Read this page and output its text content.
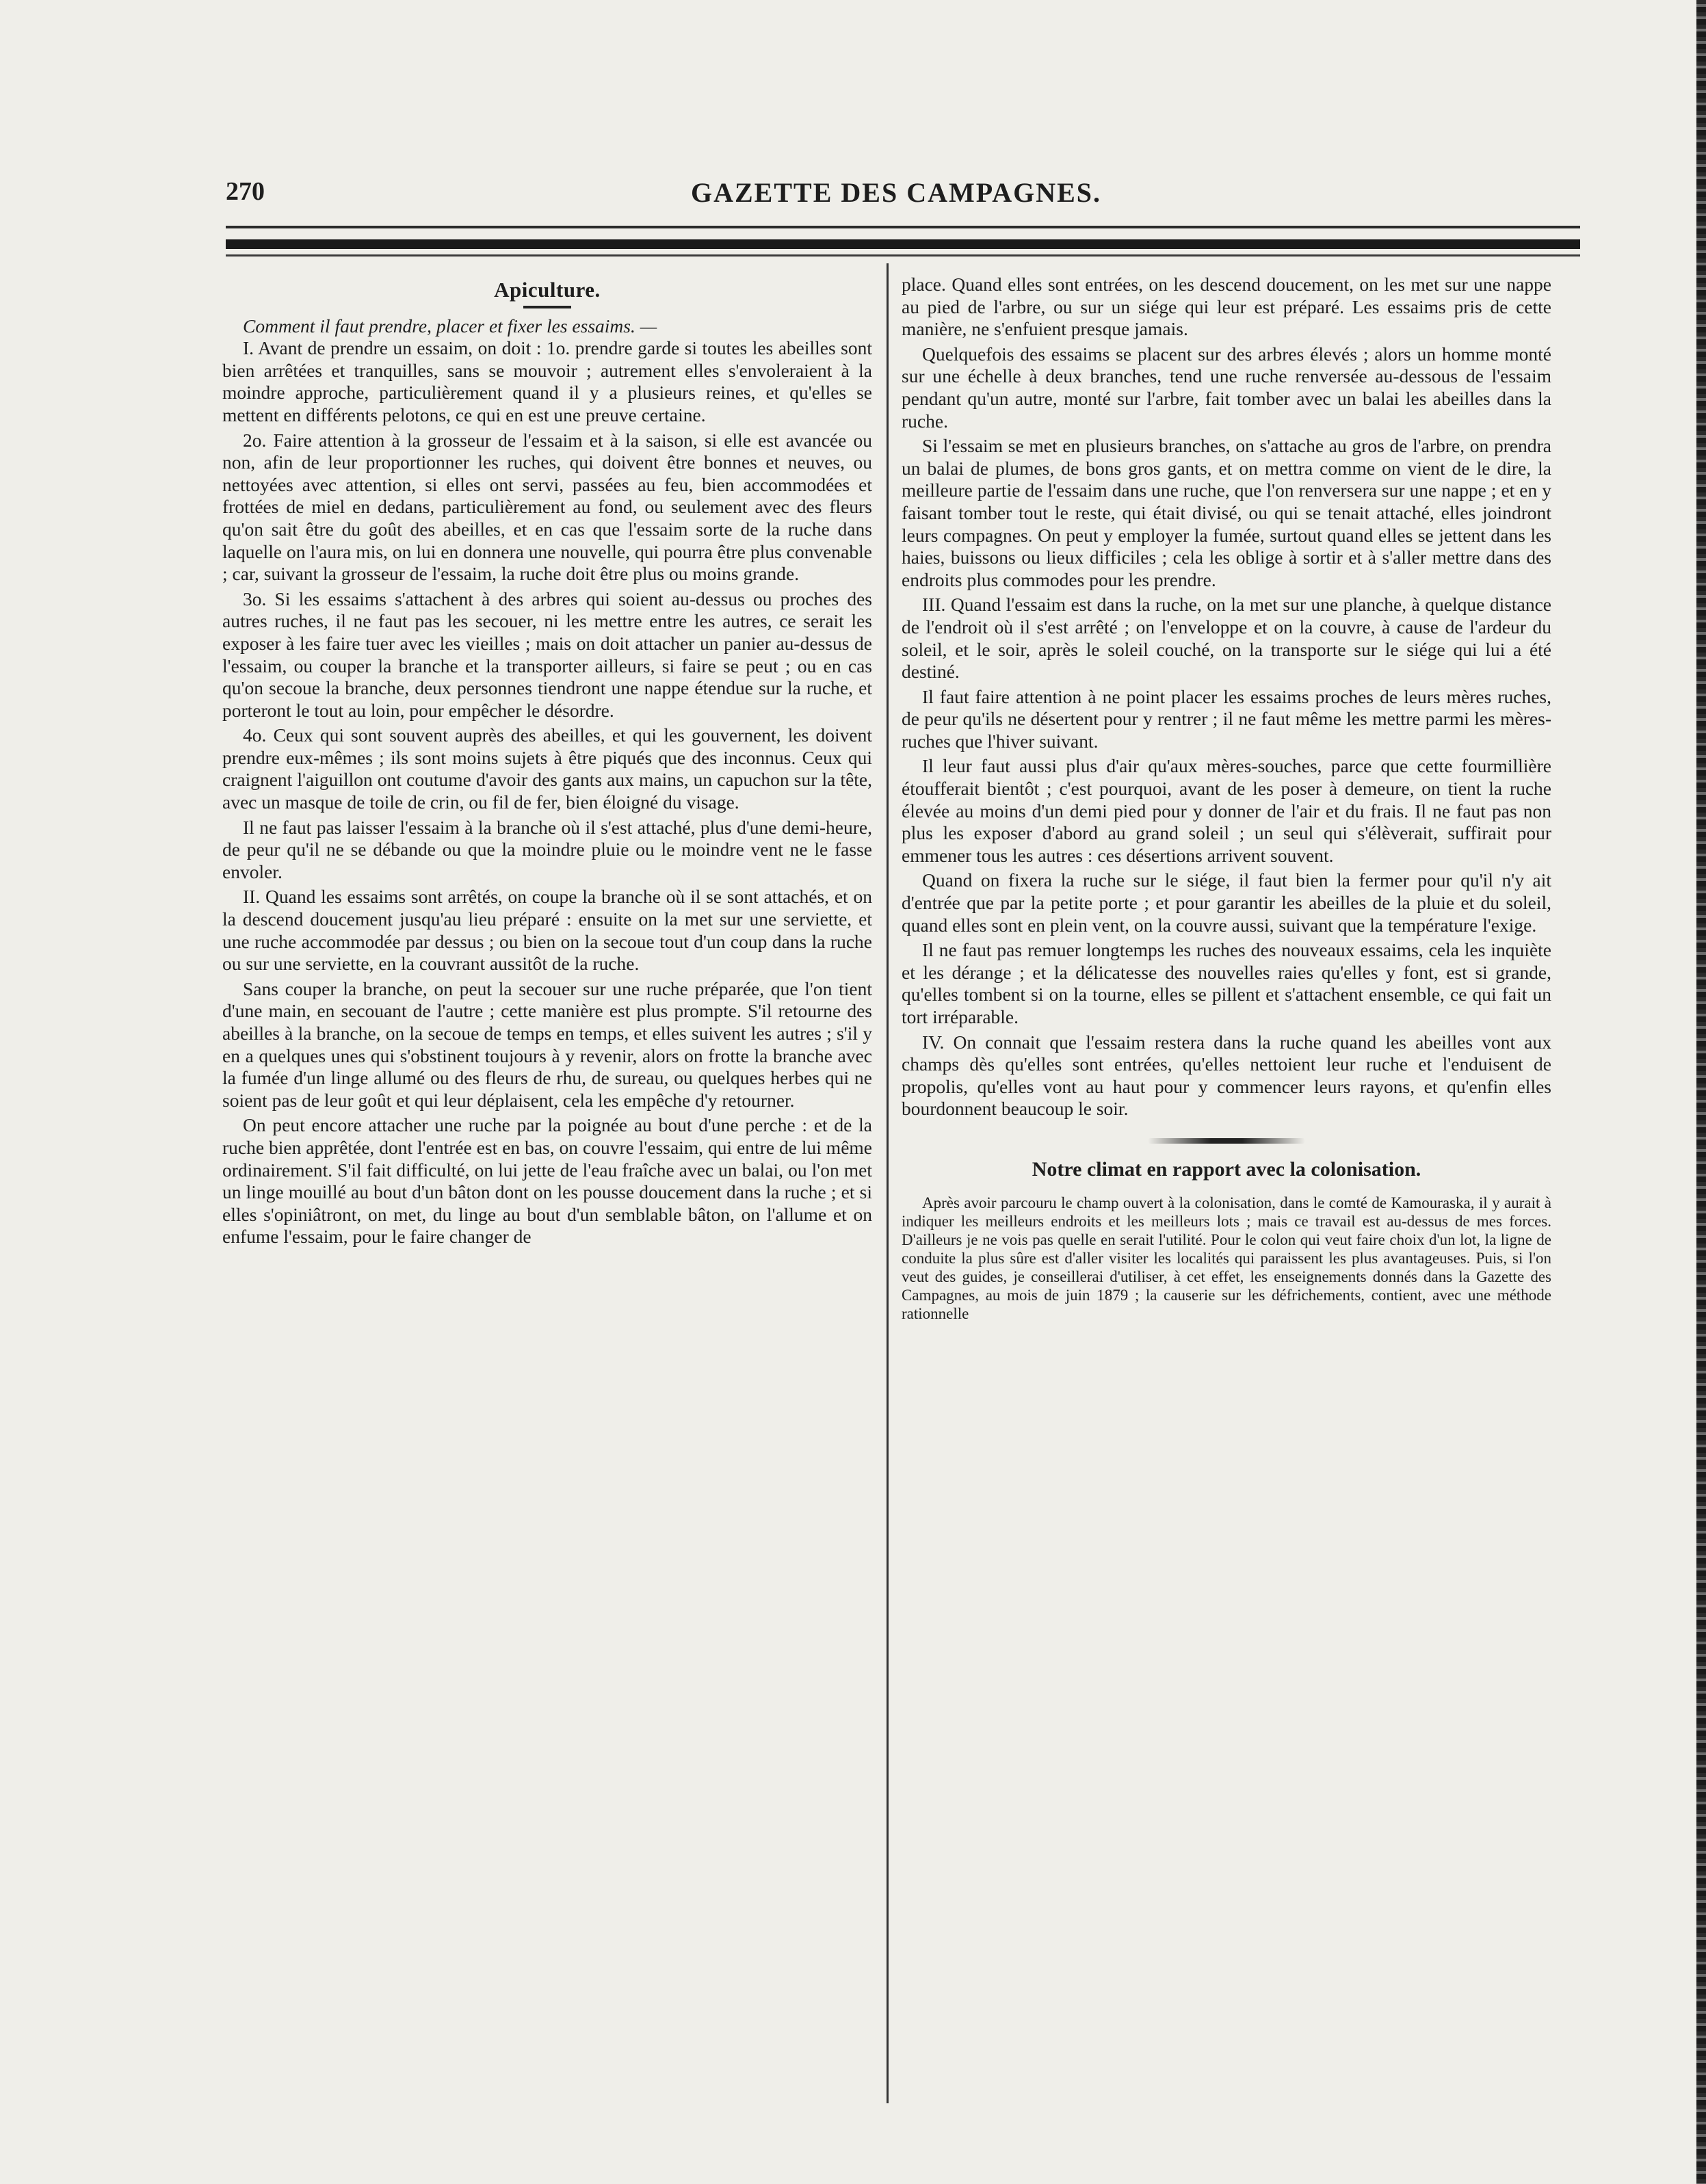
270	GAZETTE DES CAMPAGNES.
Apiculture.

Comment il faut prendre, placer et fixer les essaims. —

I. Avant de prendre un essaim, on doit : 1o. prendre garde si toutes les abeilles sont bien arrêtées et tranquilles, sans se mouvoir ; autrement elles s'envoleraient à la moindre approche, particulièrement quand il y a plusieurs reines, et qu'elles se mettent en différents pelotons, ce qui en est une preuve certaine.

2o. Faire attention à la grosseur de l'essaim et à la saison, si elle est avancée ou non, afin de leur proportionner les ruches, qui doivent être bonnes et neuves, ou nettoyées avec attention, si elles ont servi, passées au feu, bien accommodées et frottées de miel en dedans, particulièrement au fond, ou seulement avec des fleurs qu'on sait être du goût des abeilles, et en cas que l'essaim sorte de la ruche dans laquelle on l'aura mis, on lui en donnera une nouvelle, qui pourra être plus convenable ; car, suivant la grosseur de l'essaim, la ruche doit être plus ou moins grande.

3o. Si les essaims s'attachent à des arbres qui soient au-dessus ou proches des autres ruches, il ne faut pas les secouer, ni les mettre entre les autres, ce serait les exposer à les faire tuer avec les vieilles ; mais on doit attacher un panier au-dessus de l'essaim, ou couper la branche et la transporter ailleurs, si faire se peut ; ou en cas qu'on secoue la branche, deux personnes tiendront une nappe étendue sur la ruche, et porteront le tout au loin, pour empêcher le désordre.

4o. Ceux qui sont souvent auprès des abeilles, et qui les gouvernent, les doivent prendre eux-mêmes ; ils sont moins sujets à être piqués que des inconnus. Ceux qui craignent l'aiguillon ont coutume d'avoir des gants aux mains, un capuchon sur la tête, avec un masque de toile de crin, ou fil de fer, bien éloigné du visage.

Il ne faut pas laisser l'essaim à la branche où il s'est attaché, plus d'une demi-heure, de peur qu'il ne se débande ou que la moindre pluie ou le moindre vent ne le fasse envoler.

II. Quand les essaims sont arrêtés, on coupe la branche où il se sont attachés, et on la descend doucement jusqu'au lieu préparé : ensuite on la met sur une serviette, et une ruche accommodée par dessus ; ou bien on la secoue tout d'un coup dans la ruche ou sur une serviette, en la couvrant aussitôt de la ruche.

Sans couper la branche, on peut la secouer sur une ruche préparée, que l'on tient d'une main, en secouant de l'autre ; cette manière est plus prompte. S'il retourne des abeilles à la branche, on la secoue de temps en temps, et elles suivent les autres ; s'il y en a quelques unes qui s'obstinent toujours à y revenir, alors on frotte la branche avec la fumée d'un linge allumé ou des fleurs de rhu, de sureau, ou quelques herbes qui ne soient pas de leur goût et qui leur déplaisent, cela les empêche d'y retourner.

On peut encore attacher une ruche par la poignée au bout d'une perche : et de la ruche bien apprêtée, dont l'entrée est en bas, on couvre l'essaim, qui entre de lui même ordinairement. S'il fait difficulté, on lui jette de l'eau fraîche avec un balai, ou l'on met un linge mouillé au bout d'un bâton dont on les pousse doucement dans la ruche ; et si elles s'opiniâtront, on met, du linge au bout d'un semblable bâton, on l'allume et on enfume l'essaim, pour le faire changer de

place. Quand elles sont entrées, on les descend doucement, on les met sur une nappe au pied de l'arbre, ou sur un siége qui leur est préparé. Les essaims pris de cette manière, ne s'enfuient presque jamais.

Quelquefois des essaims se placent sur des arbres élevés ; alors un homme monté sur une échelle à deux branches, tend une ruche renversée au-dessous de l'essaim pendant qu'un autre, monté sur l'arbre, fait tomber avec un balai les abeilles dans la ruche.

Si l'essaim se met en plusieurs branches, on s'attache au gros de l'arbre, on prendra un balai de plumes, de bons gros gants, et on mettra comme on vient de le dire, la meilleure partie de l'essaim dans une ruche, que l'on renversera sur une nappe ; et en y faisant tomber tout le reste, qui était divisé, ou qui se tenait attaché, elles joindront leurs compagnes. On peut y employer la fumée, surtout quand elles se jettent dans les haies, buissons ou lieux difficiles ; cela les oblige à sortir et à s'aller mettre dans des endroits plus commodes pour les prendre.

III. Quand l'essaim est dans la ruche, on la met sur une planche, à quelque distance de l'endroit où il s'est arrêté ; on l'enveloppe et on la couvre, à cause de l'ardeur du soleil, et le soir, après le soleil couché, on la transporte sur le siége qui lui a été destiné.

Il faut faire attention à ne point placer les essaims proches de leurs mères ruches, de peur qu'ils ne désertent pour y rentrer ; il ne faut même les mettre parmi les mères-ruches que l'hiver suivant.

Il leur faut aussi plus d'air qu'aux mères-souches, parce que cette fourmillière étoufferait bientôt ; c'est pourquoi, avant de les poser à demeure, on tient la ruche élevée au moins d'un demi pied pour y donner de l'air et du frais. Il ne faut pas non plus les exposer d'abord au grand soleil ; un seul qui s'élèverait, suffirait pour emmener tous les autres : ces désertions arrivent souvent.

Quand on fixera la ruche sur le siége, il faut bien la fermer pour qu'il n'y ait d'entrée que par la petite porte ; et pour garantir les abeilles de la pluie et du soleil, quand elles sont en plein vent, on la couvre aussi, suivant que la température l'exige.

Il ne faut pas remuer longtemps les ruches des nouveaux essaims, cela les inquiète et les dérange ; et la délicatesse des nouvelles raies qu'elles y font, est si grande, qu'elles tombent si on la tourne, elles se pillent et s'attachent ensemble, ce qui fait un tort irréparable.

IV. On connait que l'essaim restera dans la ruche quand les abeilles vont aux champs dès qu'elles sont entrées, qu'elles nettoient leur ruche et l'enduisent de propolis, qu'elles vont au haut pour y commencer leurs rayons, et qu'enfin elles bourdonnent beaucoup le soir.

Notre climat en rapport avec la colonisation.

Après avoir parcouru le champ ouvert à la colonisation, dans le comté de Kamouraska, il y aurait à indiquer les meilleurs endroits et les meilleurs lots ; mais ce travail est au-dessus de mes forces. D'ailleurs je ne vois pas quelle en serait l'utilité. Pour le colon qui veut faire choix d'un lot, la ligne de conduite la plus sûre est d'aller visiter les localités qui paraissent les plus avantageuses. Puis, si l'on veut des guides, je conseillerai d'utiliser, à cet effet, les enseignements donnés dans la Gazette des Campagnes, au mois de juin 1879 ; la causerie sur les défrichements, contient, avec une méthode rationnelle
